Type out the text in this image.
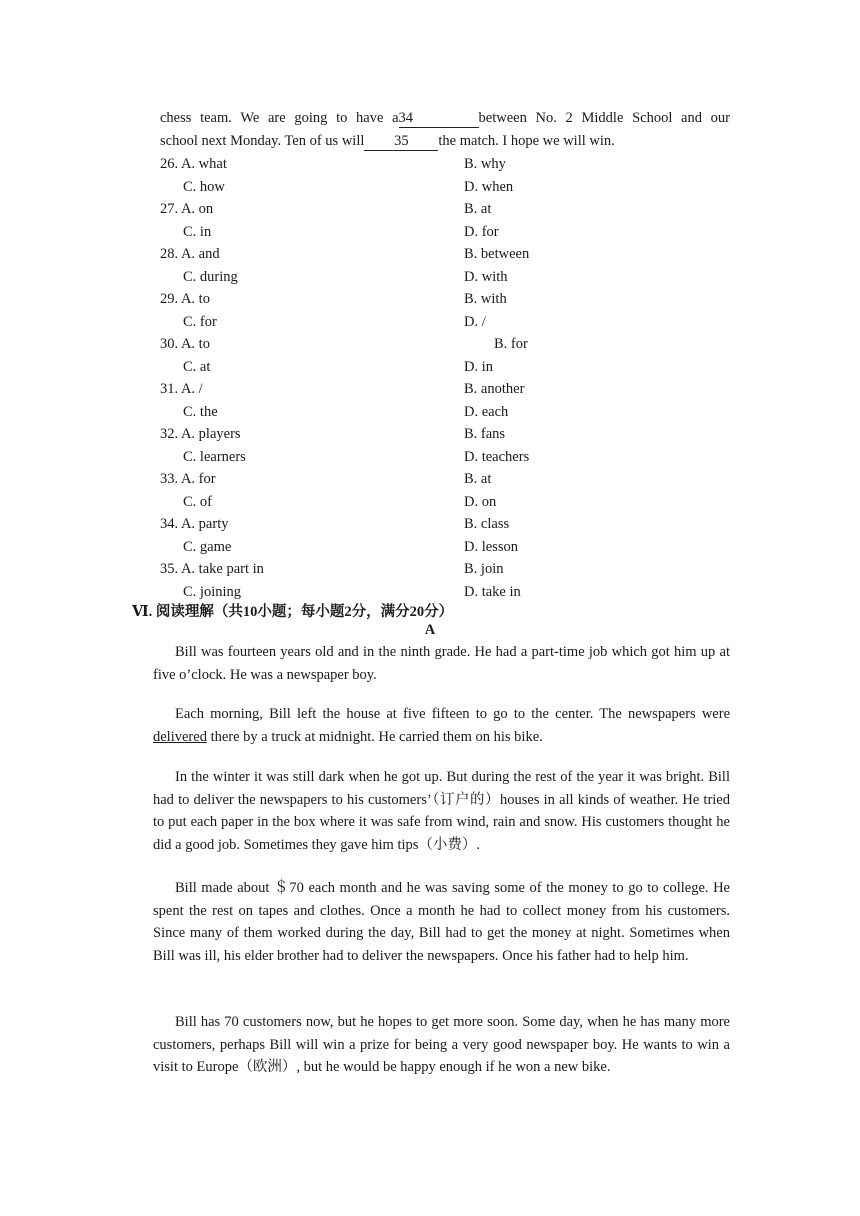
chess team. We are going to have a34	between No. 2 Middle School and our
school next Monday. Ten of us will 35 the match. I hope we will win.
26. A. what	B. why
C. how	D. when
27. A. on	B. at
C. in	D. for
28. A. and	B. between
C. during	D. with
29. A. to	B. with
C. for	D. /
30. A. to	B. for
C. at	D. in
31. A. /	B. another
C. the	D. each
32. A. players	B. fans
C. learners	D. teachers
33. A. for	B. at
C. of	D. on
34. A. party	B. class
C. game	D. lesson
35. A. take part in	B. join
C. joining	D. take in
Ⅵ. 阅读理解（共10小题；每小题2分，满分20分）
A
Bill was fourteen years old and in the ninth grade. He had a part-time job which got him up at five o’clock. He was a newspaper boy.
Each morning, Bill left the house at five fifteen to go to the center. The newspapers were delivered there by a truck at midnight. He carried them on his bike.
In the winter it was still dark when he got up. But during the rest of the year it was bright. Bill had to deliver the newspapers to his customers’（订户的）houses in all kinds of weather. He tried to put each paper in the box where it was safe from wind, rain and snow. His customers thought he did a good job. Sometimes they gave him tips（小费）.
Bill made about ＄70 each month and he was saving some of the money to go to college. He spent the rest on tapes and clothes. Once a month he had to collect money from his customers. Since many of them worked during the day, Bill had to get the money at night. Sometimes when Bill was ill, his elder brother had to deliver the newspapers. Once his father had to help him.
Bill has 70 customers now, but he hopes to get more soon. Some day, when he has many more customers, perhaps Bill will win a prize for being a very good newspaper boy. He wants to win a visit to Europe（欧洲）, but he would be happy enough if he won a new bike.
